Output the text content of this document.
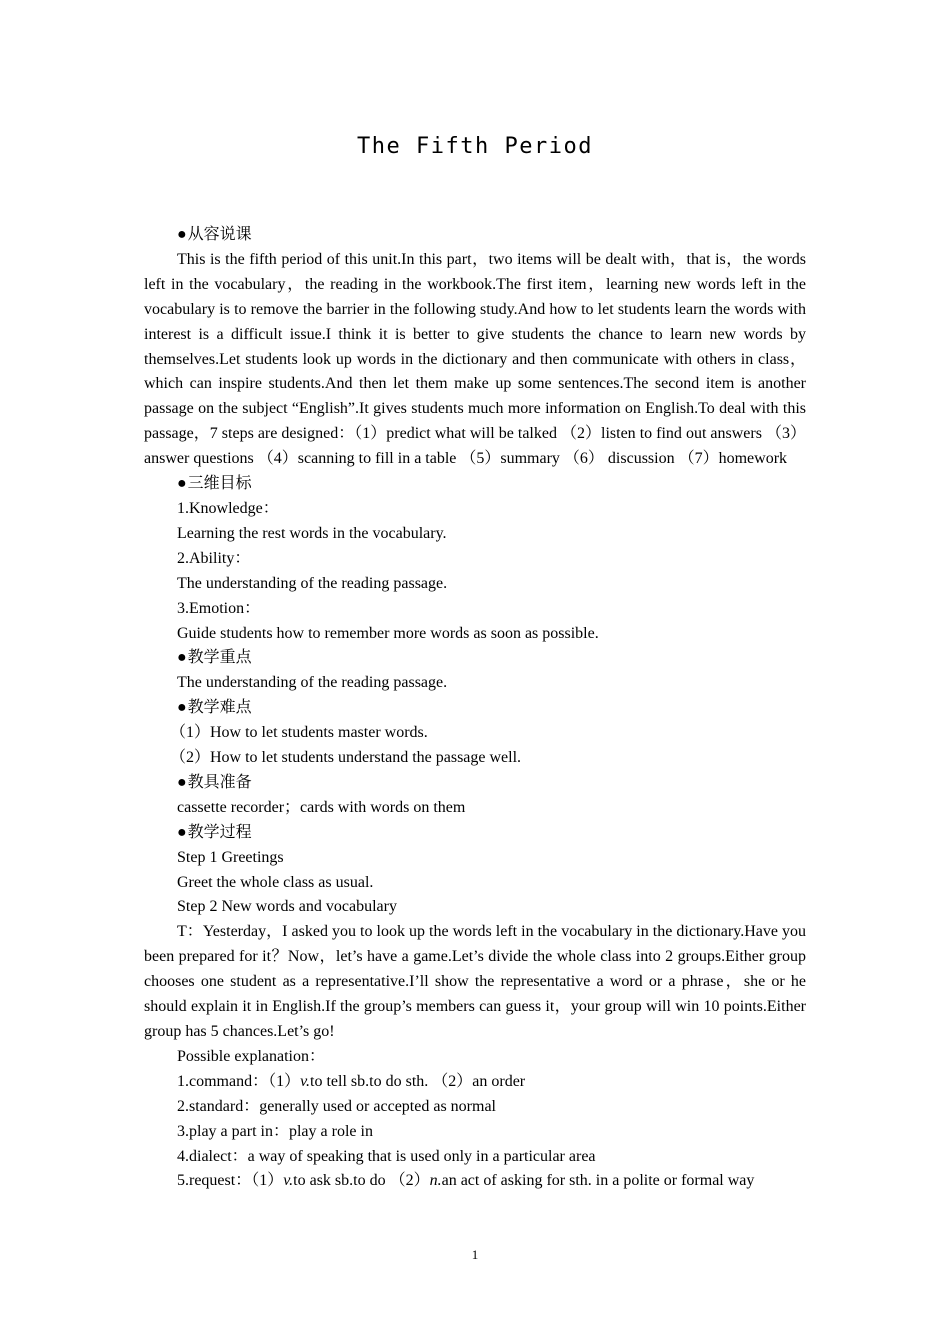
The Fifth Period

●从容说课

This is the fifth period of this unit.In this part，two items will be dealt with，that is，the words left in the vocabulary，the reading in the workbook.The first item，learning new words left in the vocabulary is to remove the barrier in the following study.And how to let students learn the words with interest is a difficult issue.I think it is better to give students the chance to learn new words by themselves.Let students look up words in the dictionary and then communicate with others in class，which can inspire students.And then let them make up some sentences.The second item is another passage on the subject “English”.It gives students much more information on English.To deal with this passage，7 steps are designed：（1）predict what will be talked （2）listen to find out answers （3）answer questions （4）scanning to fill in a table （5）summary （6） discussion （7）homework

●三维目标

1.Knowledge：

Learning the rest words in the vocabulary.

2.Ability：

The understanding of the reading passage.

3.Emotion：

Guide students how to remember more words as soon as possible.

●教学重点

The understanding of the reading passage.

●教学难点

（1）How to let students master words.

（2）How to let students understand the passage well.

●教具准备

cassette recorder；cards with words on them

●教学过程

Step 1 Greetings

Greet the whole class as usual.

Step 2 New words and vocabulary

T：Yesterday，I asked you to look up the words left in the vocabulary in the dictionary.Have you been prepared for it？Now，let’s have a game.Let’s divide the whole class into 2 groups.Either group chooses one student as a representative.I’ll show the representative a word or a phrase，she or he should explain it in English.If the group’s members can guess it，your group will win 10 points.Either group has 5 chances.Let’s go!

Possible explanation：

1.command：（1）v.to tell sb.to do sth. （2）an order

2.standard：generally used or accepted as normal

3.play a part in：play a role in

4.dialect：a way of speaking that is used only in a particular area

5.request：（1）v.to ask sb.to do （2）n.an act of asking for sth. in a polite or formal way

1
